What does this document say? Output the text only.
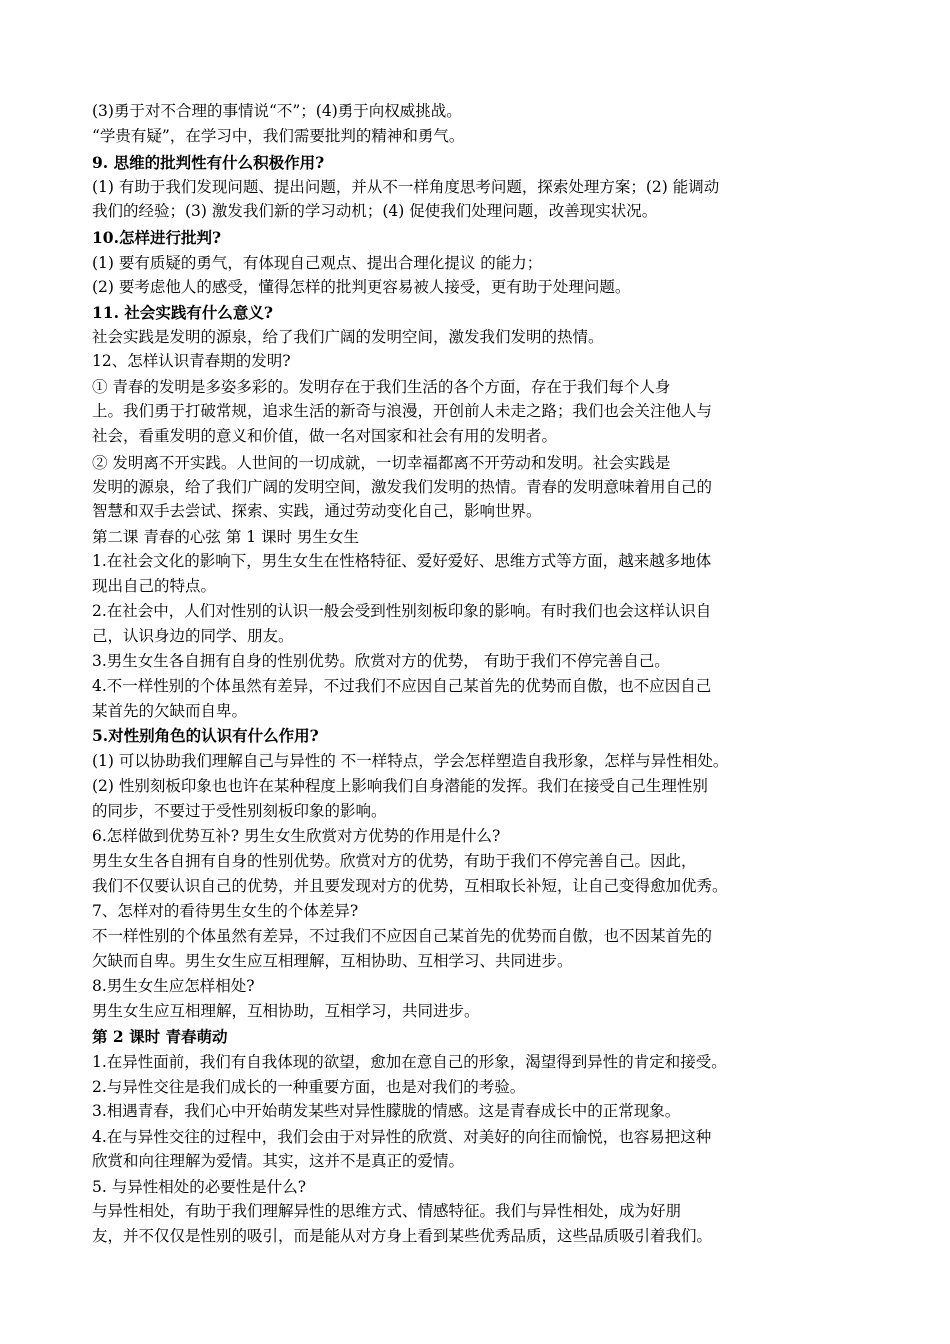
(3)勇于对不合理的事情说“不”；(4)勇于向权威挑战。
“学贵有疑”，在学习中，我们需要批判的精神和勇气。
9. 思维的批判性有什么积极作用?
(1) 有助于我们发现问题、提出问题，并从不一样角度思考问题，探索处理方案；(2) 能调动
我们的经验；(3) 激发我们新的学习动机；(4) 促使我们处理问题，改善现实状况。
10.怎样进行批判?
(1) 要有质疑的勇气，有体现自己观点、提出合理化提议 的能力；
(2) 要考虑他人的感受，懂得怎样的批判更容易被人接受，更有助于处理问题。
11. 社会实践有什么意义?
社会实践是发明的源泉，给了我们广阔的发明空间，激发我们发明的热情。
12、怎样认识青春期的发明?
① 青春的发明是多姿多彩的。发明存在于我们生活的各个方面，存在于我们每个人身
上。我们勇于打破常规，追求生活的新奇与浪漫，开创前人未走之路；我们也会关注他人与
社会，看重发明的意义和价值，做一名对国家和社会有用的发明者。
② 发明离不开实践。人世间的一切成就，一切幸福都离不开劳动和发明。社会实践是
发明的源泉，给了我们广阔的发明空间，激发我们发明的热情。青春的发明意味着用自己的
智慧和双手去尝试、探索、实践，通过劳动变化自己，影响世界。
第二课 青春的心弦 第 1 课时 男生女生
1.在社会文化的影响下，男生女生在性格特征、爱好爱好、思维方式等方面，越来越多地体
现出自己的特点。
2.在社会中，人们对性别的认识一般会受到性别刻板印象的影响。有时我们也会这样认识自
己，认识身边的同学、朋友。
3.男生女生各自拥有自身的性别优势。欣赏对方的优势， 有助于我们不停完善自己。
4.不一样性别的个体虽然有差异，不过我们不应因自己某首先的优势而自傲，也不应因自己
某首先的欠缺而自卑。
5.对性别角色的认识有什么作用?
(1) 可以协助我们理解自己与异性的 不一样特点，学会怎样塑造自我形象，怎样与异性相处。
(2) 性别刻板印象也也许在某种程度上影响我们自身潜能的发挥。我们在接受自己生理性别
的同步，不要过于受性别刻板印象的影响。
6.怎样做到优势互补? 男生女生欣赏对方优势的作用是什么?
男生女生各自拥有自身的性别优势。欣赏对方的优势，有助于我们不停完善自己。因此，
我们不仅要认识自己的优势，并且要发现对方的优势，互相取长补短，让自己变得愈加优秀。
7、怎样对的看待男生女生的个体差异?
不一样性别的个体虽然有差异，不过我们不应因自己某首先的优势而自傲，也不因某首先的
欠缺而自卑。男生女生应互相理解，互相协助、互相学习、共同进步。
8.男生女生应怎样相处?
男生女生应互相理解，互相协助，互相学习，共同进步。
第 2 课时 青春萌动
1.在异性面前，我们有自我体现的欲望，愈加在意自己的形象，渴望得到异性的肯定和接受。
2.与异性交往是我们成长的一种重要方面，也是对我们的考验。
3.相遇青春，我们心中开始萌发某些对异性朦胧的情感。这是青春成长中的正常现象。
4.在与异性交往的过程中，我们会由于对异性的欣赏、对美好的向往而愉悦，也容易把这种
欣赏和向往理解为爱情。其实，这并不是真正的爱情。
5. 与异性相处的必要性是什么?
与异性相处，有助于我们理解异性的思维方式、情感特征。我们与异性相处，成为好朋
友，并不仅仅是性别的吸引，而是能从对方身上看到某些优秀品质，这些品质吸引着我们。
